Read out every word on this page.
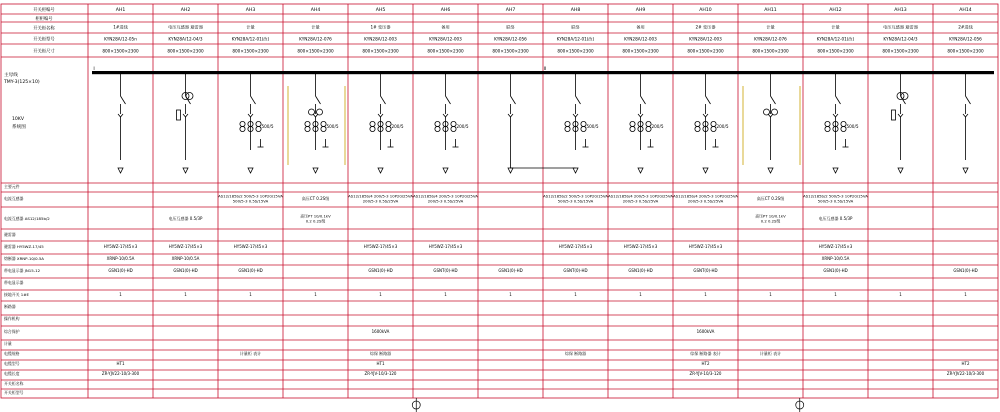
开关柜编号
柜柜编号
开关柜名称
开关柜型号
开关柜尺寸
主母线
TMY-3(125×10)
10KV
系统图
主要元件
电流互感器
电流互感器 AS12/185b/2
避雷器
避雷器 HY5WZ-17/45
熔断器 XRNP-10/0.5A
带电显示器 JN15-12
带电显示器
接地开关 1#E
断路器
操作机构
综合保护
计量
电缆规格
电缆型号
电缆长度
开关柜名称
开关柜型号
I	II
AH1
1#进线
KYN28A/12-05n
800×1500×2300
HY5WZ-17/45×3
XRNP-10/0.5A
GSN1(0)-HD
1
HT1
ZR-YJV22-10/3-300
AH2
电压互感器 避雷器
KYN28A/12-04/3
800×1500×2300
电压互感器 0.5/3P
HY5WZ-17/45×3
XRNP-10/0.5A
GSN1(0)-HD
1
AH3
计量
KYN28A/12-01(改)
800×1500×2300
500/5
AS12/185b/2 500/5-3 10P20/15VA
500/5-3 0.5S/15VA
HY5WZ-17/45×3
GSN1(0)-HD
1
计量柜 表计
AH4
计量
KYN28A/12-076
800×1500×2300
500/5
高压CT 0.2S级
高压PT 10/0.1kV
0.2 0.2S级
1
AH5
1# 变压器
KYN28A/12-003
800×1500×2300
200/5
AS12/185b/4 200/5-3 10P20/25VA
200/5-3 0.5S/25VA
HY5WZ-17/45×3
GSN1(0)-HD
1
1600kVA
综保 断路器
HT1
ZR-YJV-10/3-120
AH6
备用
KYN28A/12-003
800×1500×2300
200/5
AS12/185b/4 200/5-3 10P20/25VA
200/5-3 0.5S/25VA
HY5WZ-17/45×3
GSNT(0)-HD
1
AH7
联络
KYN28A/12-056
800×1500×2300
GSN1(0)-HD
1
AH8
联络
KYN28A/12-01(改)
800×1500×2300
500/5
AS12/185b/2 500/5-3 10P20/15VA
500/5-3 0.5S/15VA
HY5WZ-17/45×3
GSNT(0)-HD
1
综保 断路器
AH9
备用
KYN28A/12-003
800×1500×2300
200/5
AS12/185b/4 200/5-3 10P20/25VA
200/5-3 0.5S/25VA
HY5WZ-17/45×3
GSN1(0)-HD
1
AH10
2# 变压器
KYN28A/12-003
800×1500×2300
200/5
AS12/185b/4 200/5-3 10P20/25VA
200/5-3 0.5S/25VA
HY5WZ-17/45×3
GSNT(0)-HD
1
1600kVA
综保 断路器 表计
HT2
ZR-YJV-10/3-120
AH11
计量
KYN28A/12-076
800×1500×2300
高压CT 0.2S级
高压PT 10/0.1kV
0.2 0.2S级
1
计量柜 表计
AH12
计量
KYN28A/12-01(改)
800×1500×2300
500/5
AS12/185b/2 500/5-3 10P20/15VA
500/5-3 0.5S/15VA
电压互感器 0.5/3P
HY5WZ-17/45×3
XRNP-10/0.5A
GSN1(0)-HD
1
AH13
电压互感器 避雷器
KYN28A/12-04/3
800×1500×2300
1
AH14
2#进线
KYN28A/12-056
800×1500×2300
GSN1(0)-HD
1
HT2
ZR-YJV22-10/3-300
